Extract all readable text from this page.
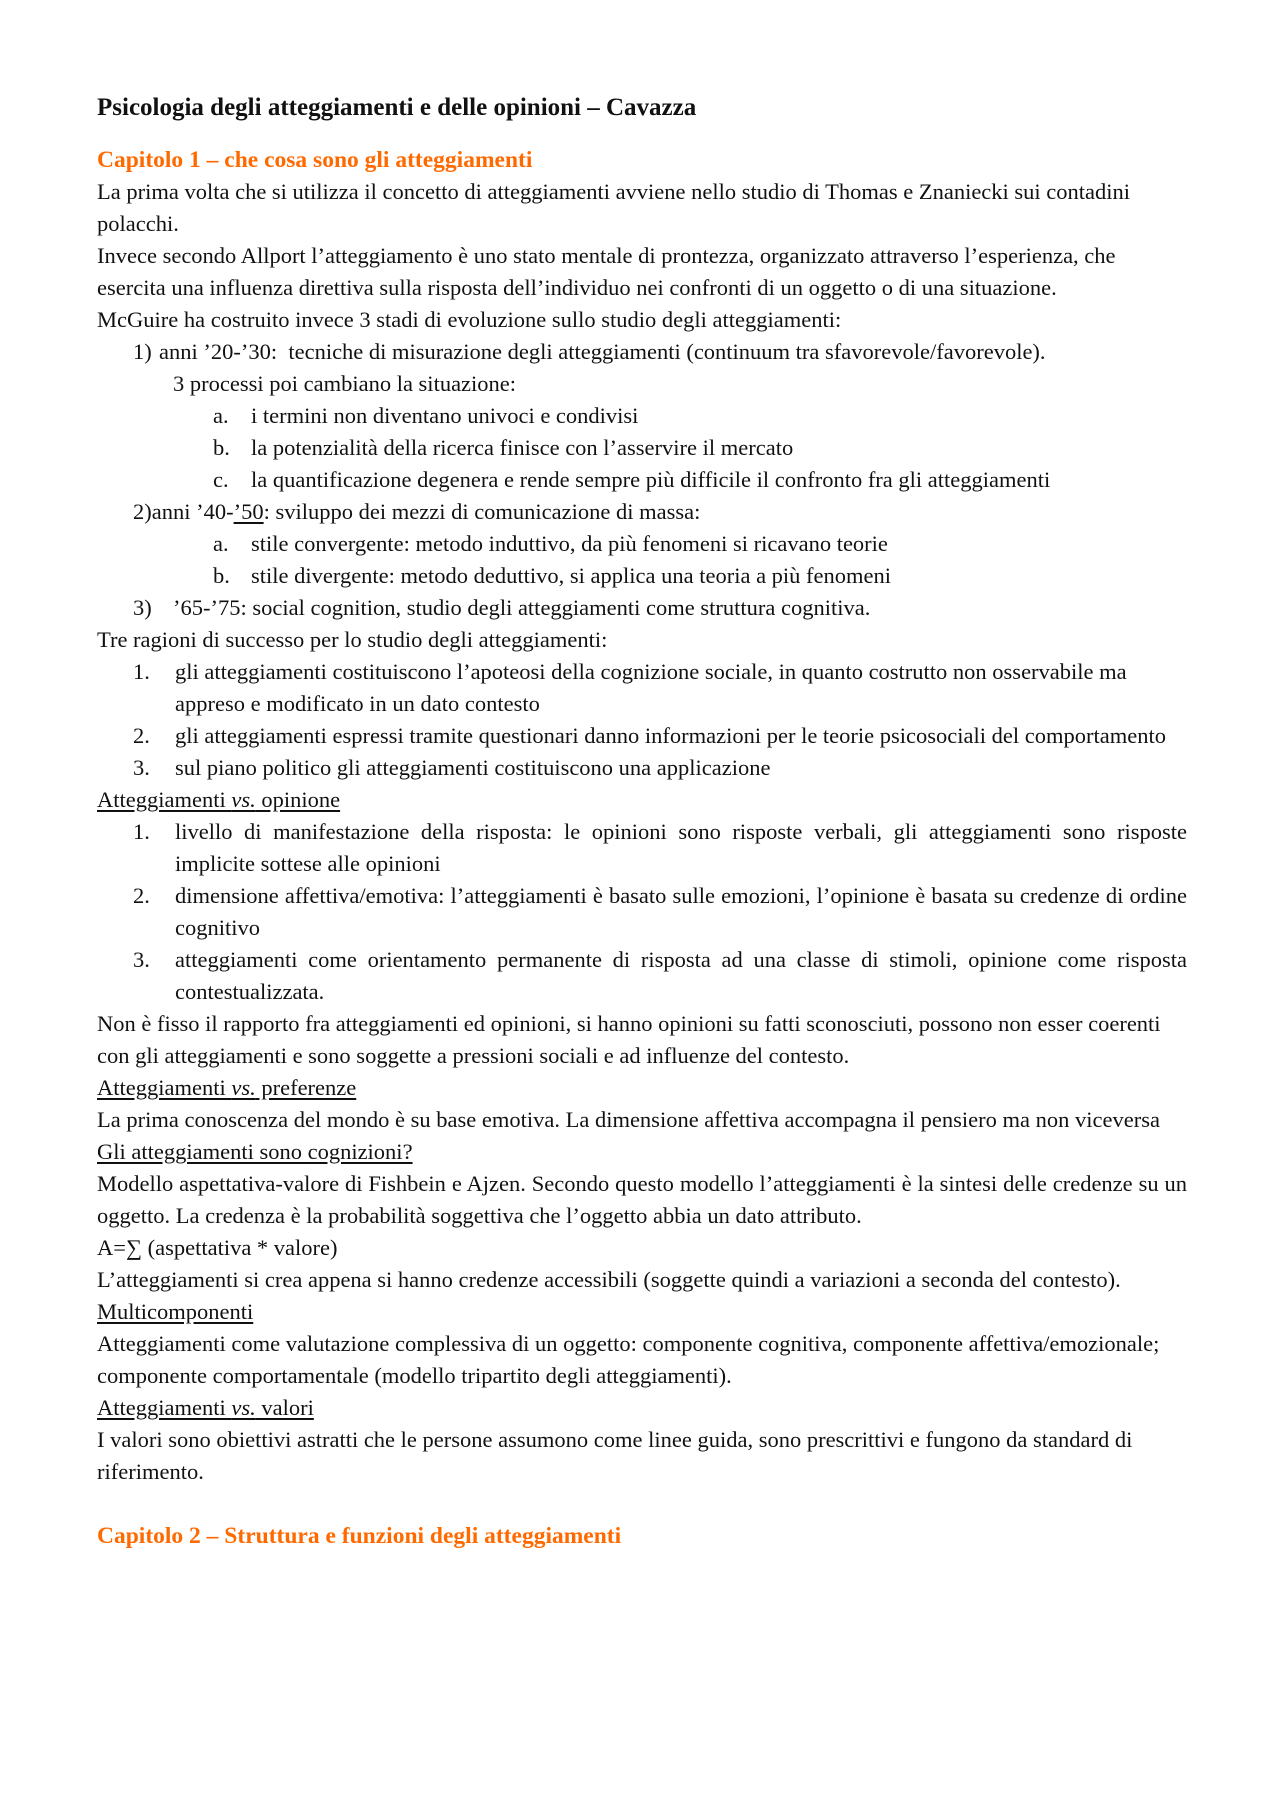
Psicologia degli atteggiamenti e delle opinioni – Cavazza

Capitolo 1 – che cosa sono gli atteggiamenti

La prima volta che si utilizza il concetto di atteggiamenti avviene nello studio di Thomas e Znaniecki sui contadini polacchi.

Invece secondo Allport l’atteggiamento è uno stato mentale di prontezza, organizzato attraverso l’esperienza, che esercita una influenza direttiva sulla risposta dell’individuo nei confronti di un oggetto o di una situazione.

McGuire ha costruito invece 3 stadi di evoluzione sullo studio degli atteggiamenti:

1) anni ’20-’30: tecniche di misurazione degli atteggiamenti (continuum tra sfavorevole/favorevole).
3 processi poi cambiano la situazione:
a. i termini non diventano univoci e condivisi
b. la potenzialità della ricerca finisce con l’asservire il mercato
c. la quantificazione degenera e rende sempre più difficile il confronto fra gli atteggiamenti
2)anni ’40-’50: sviluppo dei mezzi di comunicazione di massa:
a. stile convergente: metodo induttivo, da più fenomeni si ricavano teorie
b. stile divergente: metodo deduttivo, si applica una teoria a più fenomeni
3) ’65-’75: social cognition, studio degli atteggiamenti come struttura cognitiva.

Tre ragioni di successo per lo studio degli atteggiamenti:

1. gli atteggiamenti costituiscono l’apoteosi della cognizione sociale, in quanto costrutto non osservabile ma appreso e modificato in un dato contesto
2. gli atteggiamenti espressi tramite questionari danno informazioni per le teorie psicosociali del comportamento
3. sul piano politico gli atteggiamenti costituiscono una applicazione

Atteggiamenti vs. opinione

1. livello di manifestazione della risposta: le opinioni sono risposte verbali, gli atteggiamenti sono risposte implicite sottese alle opinioni
2. dimensione affettiva/emotiva: l’atteggiamenti è basato sulle emozioni, l’opinione è basata su credenze di ordine cognitivo
3. atteggiamenti come orientamento permanente di risposta ad una classe di stimoli, opinione come risposta contestualizzata.

Non è fisso il rapporto fra atteggiamenti ed opinioni, si hanno opinioni su fatti sconosciuti, possono non esser coerenti con gli atteggiamenti e sono soggette a pressioni sociali e ad influenze del contesto.

Atteggiamenti vs. preferenze

La prima conoscenza del mondo è su base emotiva. La dimensione affettiva accompagna il pensiero ma non viceversa

Gli atteggiamenti sono cognizioni?

Modello aspettativa-valore di Fishbein e Ajzen. Secondo questo modello l’atteggiamenti è la sintesi delle credenze su un oggetto. La credenza è la probabilità soggettiva che l’oggetto abbia un dato attributo.

A=∑ (aspettativa * valore)

L’atteggiamenti si crea appena si hanno credenze accessibili (soggette quindi a variazioni a seconda del contesto).

Multicomponenti

Atteggiamenti come valutazione complessiva di un oggetto: componente cognitiva, componente affettiva/emozionale; componente comportamentale (modello tripartito degli atteggiamenti).

Atteggiamenti vs. valori

I valori sono obiettivi astratti che le persone assumono come linee guida, sono prescrittivi e fungono da standard di riferimento.

Capitolo 2 – Struttura e funzioni degli atteggiamenti
